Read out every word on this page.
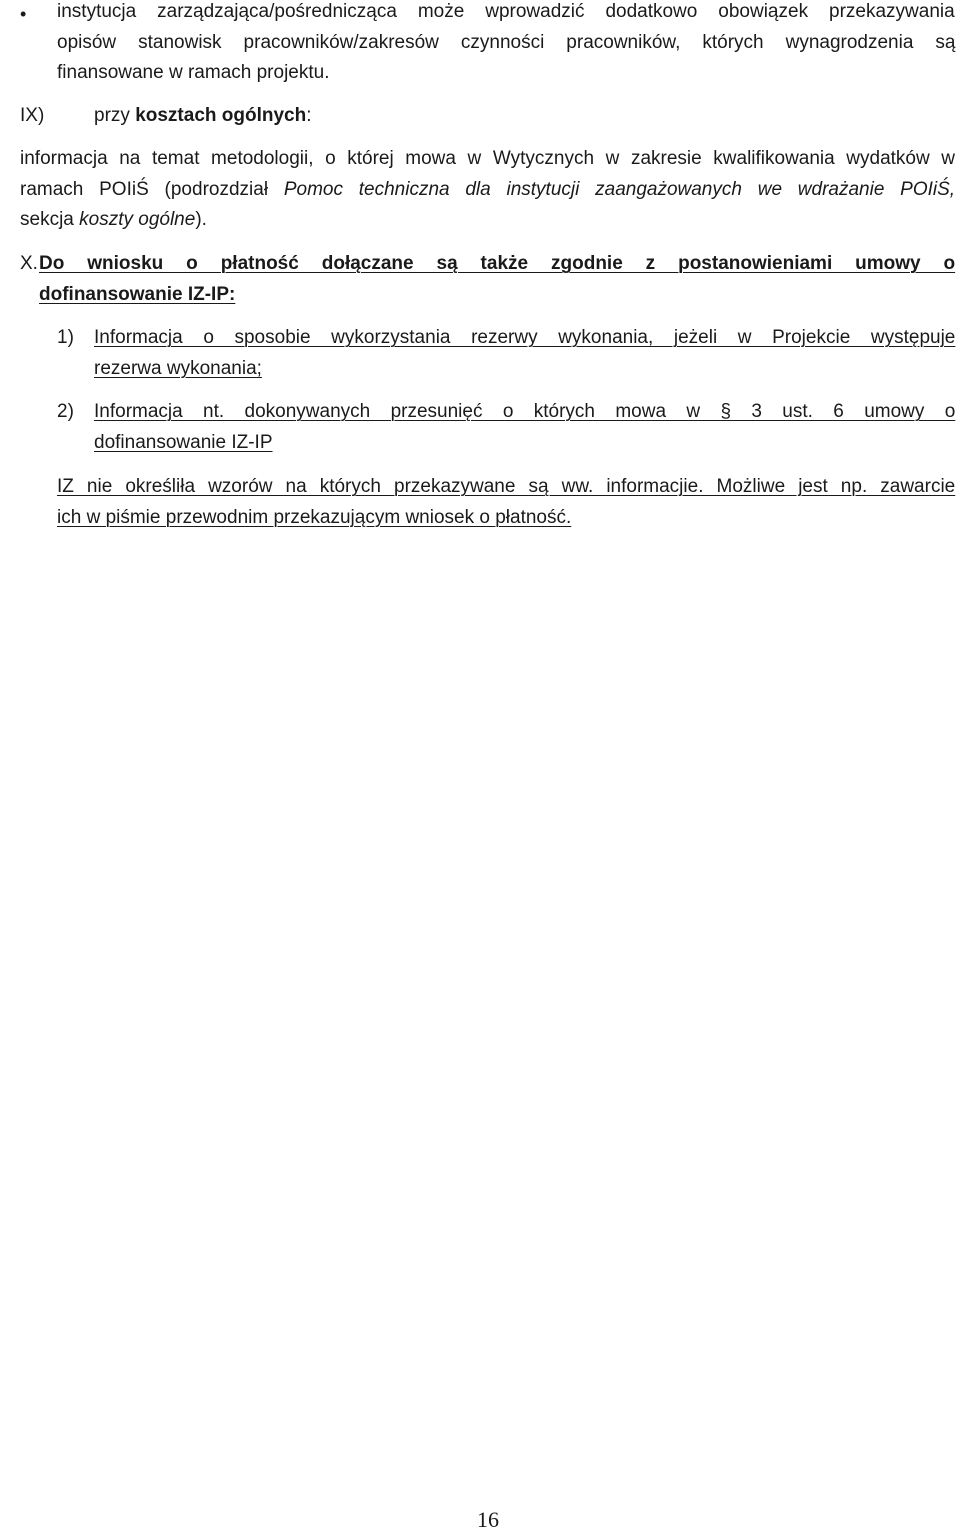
• instytucja zarządzająca/pośrednicząca może wprowadzić dodatkowo obowiązek przekazywania
opisów stanowisk pracowników/zakresów czynności pracowników, których wynagrodzenia są
finansowane w ramach projektu.
IX)	przy kosztach ogólnych:
informacja na temat metodologii, o której mowa w Wytycznych w zakresie kwalifikowania wydatków w
ramach POIiŚ (podrozdział Pomoc techniczna dla instytucji zaangażowanych we wdrażanie POIiŚ,
sekcja koszty ogólne).
X. Do wniosku o płatność dołączane są także zgodnie z postanowieniami umowy o
dofinansowanie IZ-IP:
1) Informacja o sposobie wykorzystania rezerwy wykonania, jeżeli w Projekcie występuje
rezerwa wykonania;
2) Informacja nt. dokonywanych przesunięć o których mowa w § 3 ust. 6 umowy o
dofinansowanie IZ-IP
IZ nie określiła wzorów na których przekazywane są ww. informacjie. Możliwe jest np. zawarcie
ich w piśmie przewodnim przekazującym wniosek o płatność.
16
